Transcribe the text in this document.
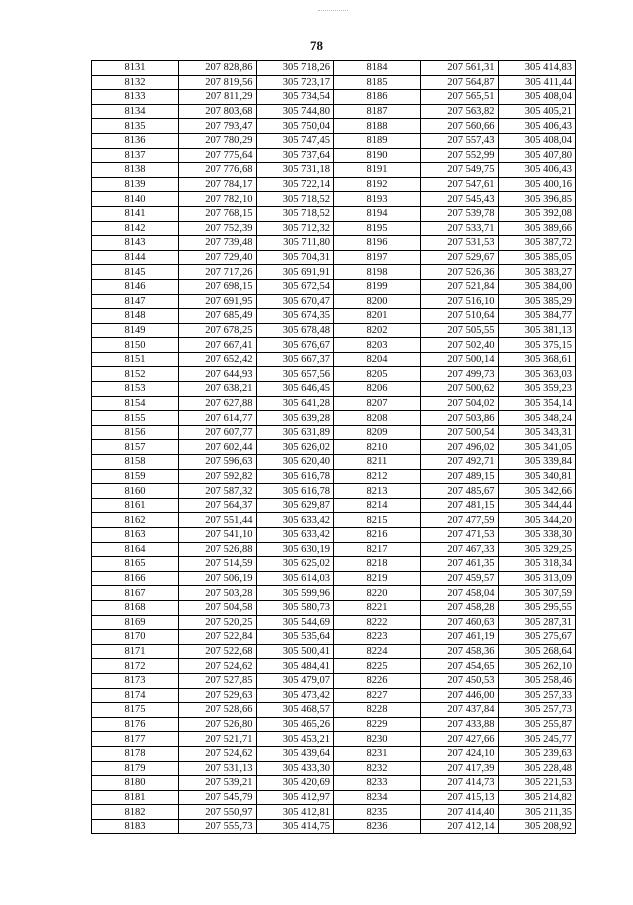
78
8131	207 828,86	305 718,26	8184	207 561,31	305 414,83
8132	207 819,56	305 723,17	8185	207 564,87	305 411,44
8133	207 811,29	305 734,54	8186	207 565,51	305 408,04
8134	207 803,68	305 744,80	8187	207 563,82	305 405,21
8135	207 793,47	305 750,04	8188	207 560,66	305 406,43
8136	207 780,29	305 747,45	8189	207 557,43	305 408,04
8137	207 775,64	305 737,64	8190	207 552,99	305 407,80
8138	207 776,68	305 731,18	8191	207 549,75	305 406,43
8139	207 784,17	305 722,14	8192	207 547,61	305 400,16
8140	207 782,10	305 718,52	8193	207 545,43	305 396,85
8141	207 768,15	305 718,52	8194	207 539,78	305 392,08
8142	207 752,39	305 712,32	8195	207 533,71	305 389,66
8143	207 739,48	305 711,80	8196	207 531,53	305 387,72
8144	207 729,40	305 704,31	8197	207 529,67	305 385,05
8145	207 717,26	305 691,91	8198	207 526,36	305 383,27
8146	207 698,15	305 672,54	8199	207 521,84	305 384,00
8147	207 691,95	305 670,47	8200	207 516,10	305 385,29
8148	207 685,49	305 674,35	8201	207 510,64	305 384,77
8149	207 678,25	305 678,48	8202	207 505,55	305 381,13
8150	207 667,41	305 676,67	8203	207 502,40	305 375,15
8151	207 652,42	305 667,37	8204	207 500,14	305 368,61
8152	207 644,93	305 657,56	8205	207 499,73	305 363,03
8153	207 638,21	305 646,45	8206	207 500,62	305 359,23
8154	207 627,88	305 641,28	8207	207 504,02	305 354,14
8155	207 614,77	305 639,28	8208	207 503,86	305 348,24
8156	207 607,77	305 631,89	8209	207 500,54	305 343,31
8157	207 602,44	305 626,02	8210	207 496,02	305 341,05
8158	207 596,63	305 620,40	8211	207 492,71	305 339,84
8159	207 592,82	305 616,78	8212	207 489,15	305 340,81
8160	207 587,32	305 616,78	8213	207 485,67	305 342,66
8161	207 564,37	305 629,87	8214	207 481,15	305 344,44
8162	207 551,44	305 633,42	8215	207 477,59	305 344,20
8163	207 541,10	305 633,42	8216	207 471,53	305 338,30
8164	207 526,88	305 630,19	8217	207 467,33	305 329,25
8165	207 514,59	305 625,02	8218	207 461,35	305 318,34
8166	207 506,19	305 614,03	8219	207 459,57	305 313,09
8167	207 503,28	305 599,96	8220	207 458,04	305 307,59
8168	207 504,58	305 580,73	8221	207 458,28	305 295,55
8169	207 520,25	305 544,69	8222	207 460,63	305 287,31
8170	207 522,84	305 535,64	8223	207 461,19	305 275,67
8171	207 522,68	305 500,41	8224	207 458,36	305 268,64
8172	207 524,62	305 484,41	8225	207 454,65	305 262,10
8173	207 527,85	305 479,07	8226	207 450,53	305 258,46
8174	207 529,63	305 473,42	8227	207 446,00	305 257,33
8175	207 528,66	305 468,57	8228	207 437,84	305 257,73
8176	207 526,80	305 465,26	8229	207 433,88	305 255,87
8177	207 521,71	305 453,21	8230	207 427,66	305 245,77
8178	207 524,62	305 439,64	8231	207 424,10	305 239,63
8179	207 531,13	305 433,30	8232	207 417,39	305 228,48
8180	207 539,21	305 420,69	8233	207 414,73	305 221,53
8181	207 545,79	305 412,97	8234	207 415,13	305 214,82
8182	207 550,97	305 412,81	8235	207 414,40	305 211,35
8183	207 555,73	305 414,75	8236	207 412,14	305 208,92
